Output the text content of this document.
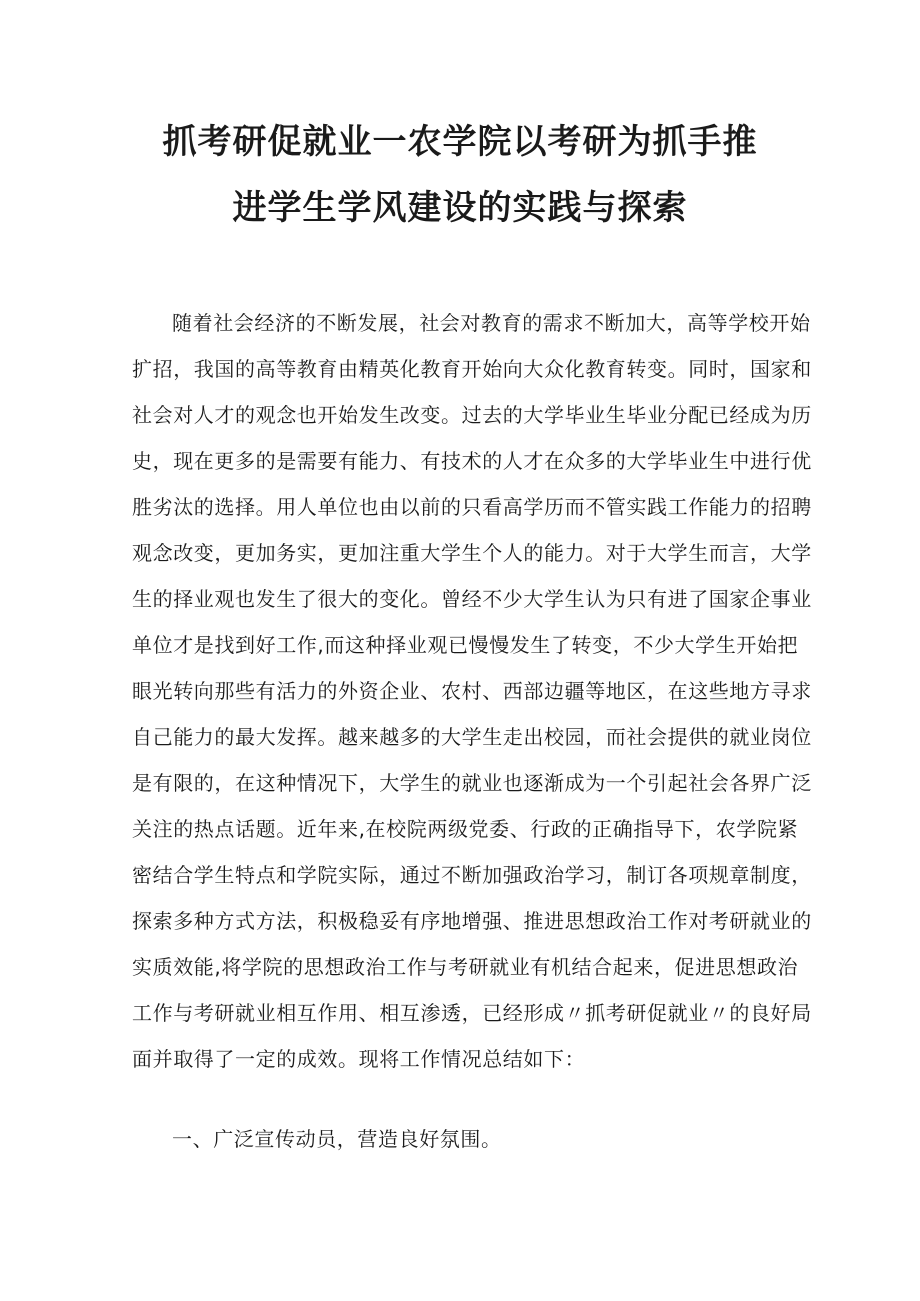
抓考研促就业一农学院以考研为抓手推
进学生学风建设的实践与探索
随着社会经济的不断发展，社会对教育的需求不断加大，高等学校开始
扩招，我国的高等教育由精英化教育开始向大众化教育转变。同时，国家和
社会对人才的观念也开始发生改变。过去的大学毕业生毕业分配已经成为历
史，现在更多的是需要有能力、有技术的人才在众多的大学毕业生中进行优
胜劣汰的选择。用人单位也由以前的只看高学历而不管实践工作能力的招聘
观念改变，更加务实，更加注重大学生个人的能力。对于大学生而言，大学
生的择业观也发生了很大的变化。曾经不少大学生认为只有进了国家企事业
单位才是找到好工作,而这种择业观已慢慢发生了转变，不少大学生开始把
眼光转向那些有活力的外资企业、农村、西部边疆等地区，在这些地方寻求
自己能力的最大发挥。越来越多的大学生走出校园，而社会提供的就业岗位
是有限的，在这种情况下，大学生的就业也逐渐成为一个引起社会各界广泛
关注的热点话题。近年来,在校院两级党委、行政的正确指导下，农学院紧
密结合学生特点和学院实际，通过不断加强政治学习，制订各项规章制度，
探索多种方式方法，积极稳妥有序地增强、推进思想政治工作对考研就业的
实质效能,将学院的思想政治工作与考研就业有机结合起来，促进思想政治
工作与考研就业相互作用、相互渗透，已经形成〃抓考研促就业〃的良好局
面并取得了一定的成效。现将工作情况总结如下：

一、广泛宣传动员，营造良好氛围。
